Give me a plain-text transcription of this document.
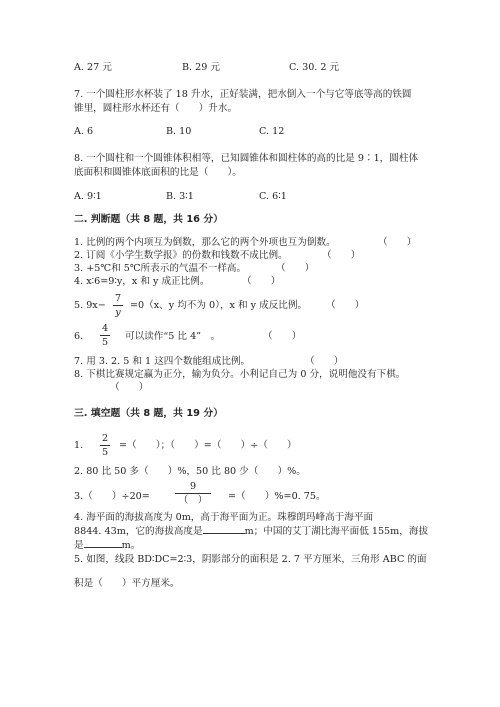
A. 27 元	B. 29 元	C. 30. 2 元
7. 一个圆柱形水杯装了 18 升水，正好装满，把水倒入一个与它等底等高的铁圆
锥里，圆柱形水杯还有（　　）升水。
A. 6	B. 10	C. 12
8. 一个圆柱和一个圆锥体积相等，已知圆锥体和圆柱体的高的比是 9∶1，圆柱体
底面积和圆锥体底面积的比是（　　）。
A. 9∶1	B. 3∶1	C. 6∶1
二. 判断题（共 8 题，共 16 分）
1. 比例的两个内项互为倒数，那么它的两个外项也互为倒数。	（　　）
2. 订阅《小学生数学报》的份数和钱数不成比例。	（　　）
3. +5℃和 5℃所表示的气温不一样高。	（　　）
4. x∶6=9∶y，x 和 y 成正比例。	（　　）
5. 9x−
7
y
=0（x、y 均不为 0），x 和 y 成反比例。 （　　）
6.
4
5
可以读作“5 比 4”　。	（　　）
7. 用 3. 2. 5 和 1 这四个数能组成比例。	（　　）
8. 下棋比赛规定赢为正分，输为负分。小利记自己为 0 分，说明他没有下棋。
（　　）
三. 填空题（共 8 题，共 19 分）
1.
2
5
=（　　）；（　　）=（　　）÷（　　）
2. 80 比 50 多（　　）%，50 比 80 少（　　）%。
3.（　　）÷20=
9
（　）	=（　　）%=0. 75。
4. 海平面的海拔高度为 0m，高于海平面为正。珠穆朗玛峰高于海平面
8844. 43m，它的海拔高度是	m；中国的艾丁湖比海平面低 155m，海拔
是	m。
5. 如图，线段 BD∶DC=2∶3，阴影部分的面积是 2. 7 平方厘米，三角形 ABC 的面
积是（　　）平方厘米。
